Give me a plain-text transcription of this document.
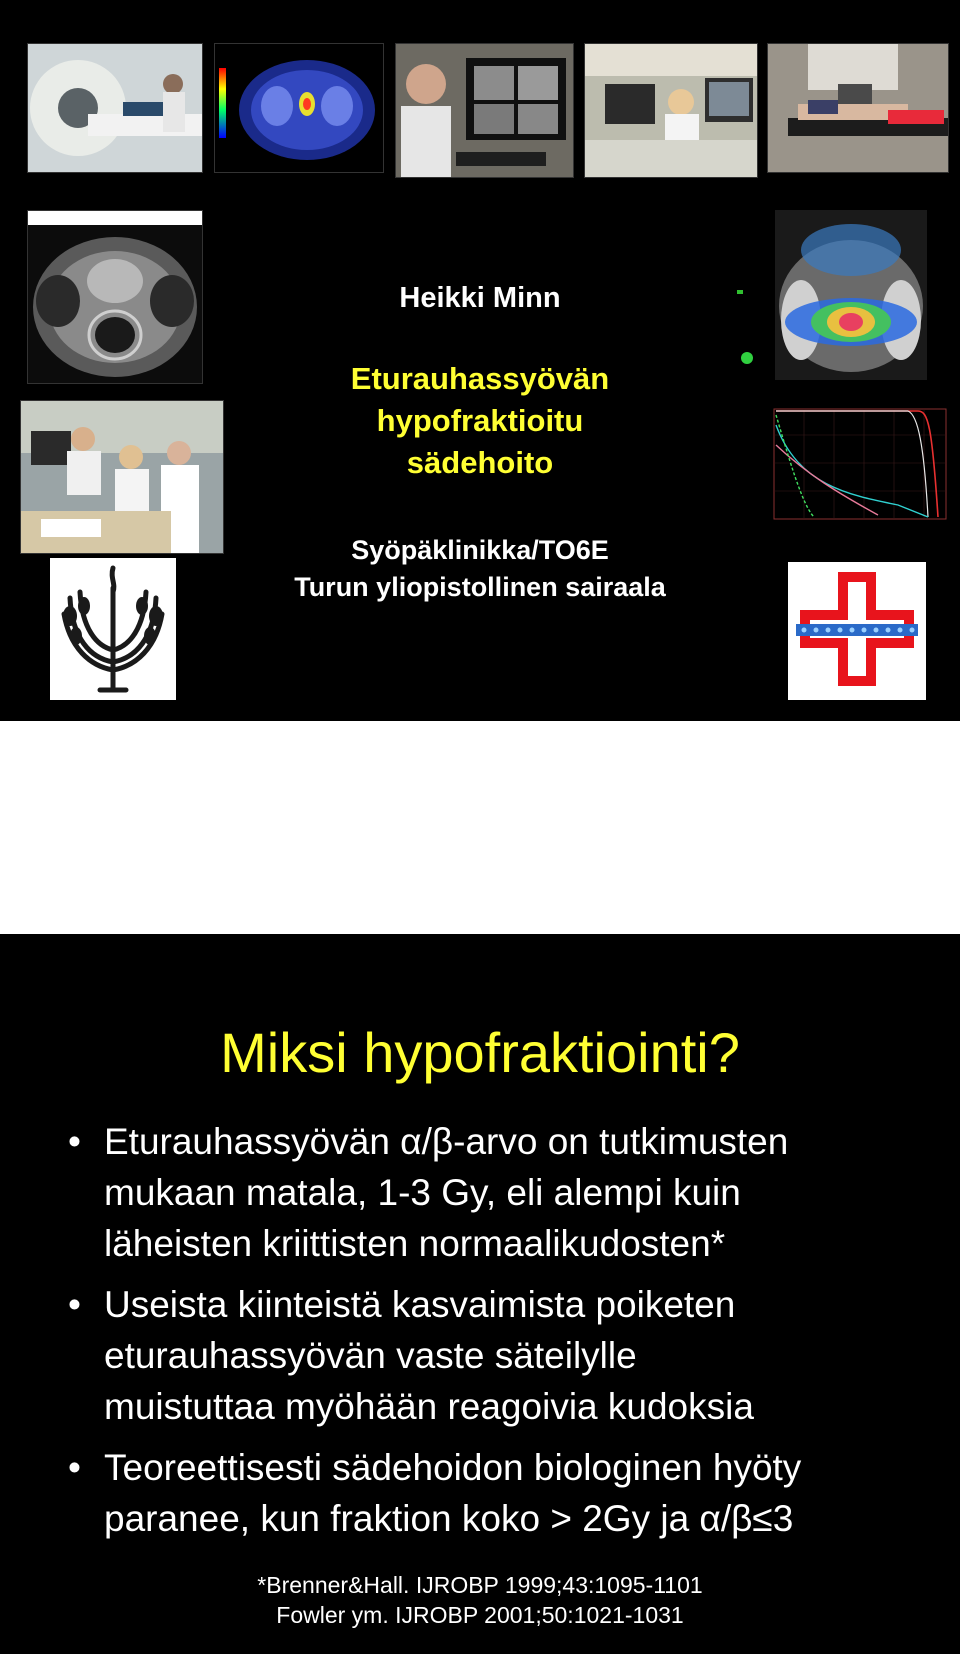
Heikki Minn
Eturauhassyövän
hypofraktioitu
sädehoito
Syöpäklinikka/TO6E
Turun yliopistollinen sairaala
Miksi hypofraktiointi?
• Eturauhassyövän α/β-arvo on tutkimusten
mukaan matala, 1-3 Gy, eli alempi kuin
läheisten kriittisten normaalikudosten*
• Useista kiinteistä kasvaimista poiketen
eturauhassyövän vaste säteilylle
muistuttaa myöhään reagoivia kudoksia
• Teoreettisesti sädehoidon biologinen hyöty
paranee, kun fraktion koko > 2Gy ja α/β≤3
*Brenner&Hall. IJROBP 1999;43:1095-1101
Fowler ym. IJROBP 2001;50:1021-1031
